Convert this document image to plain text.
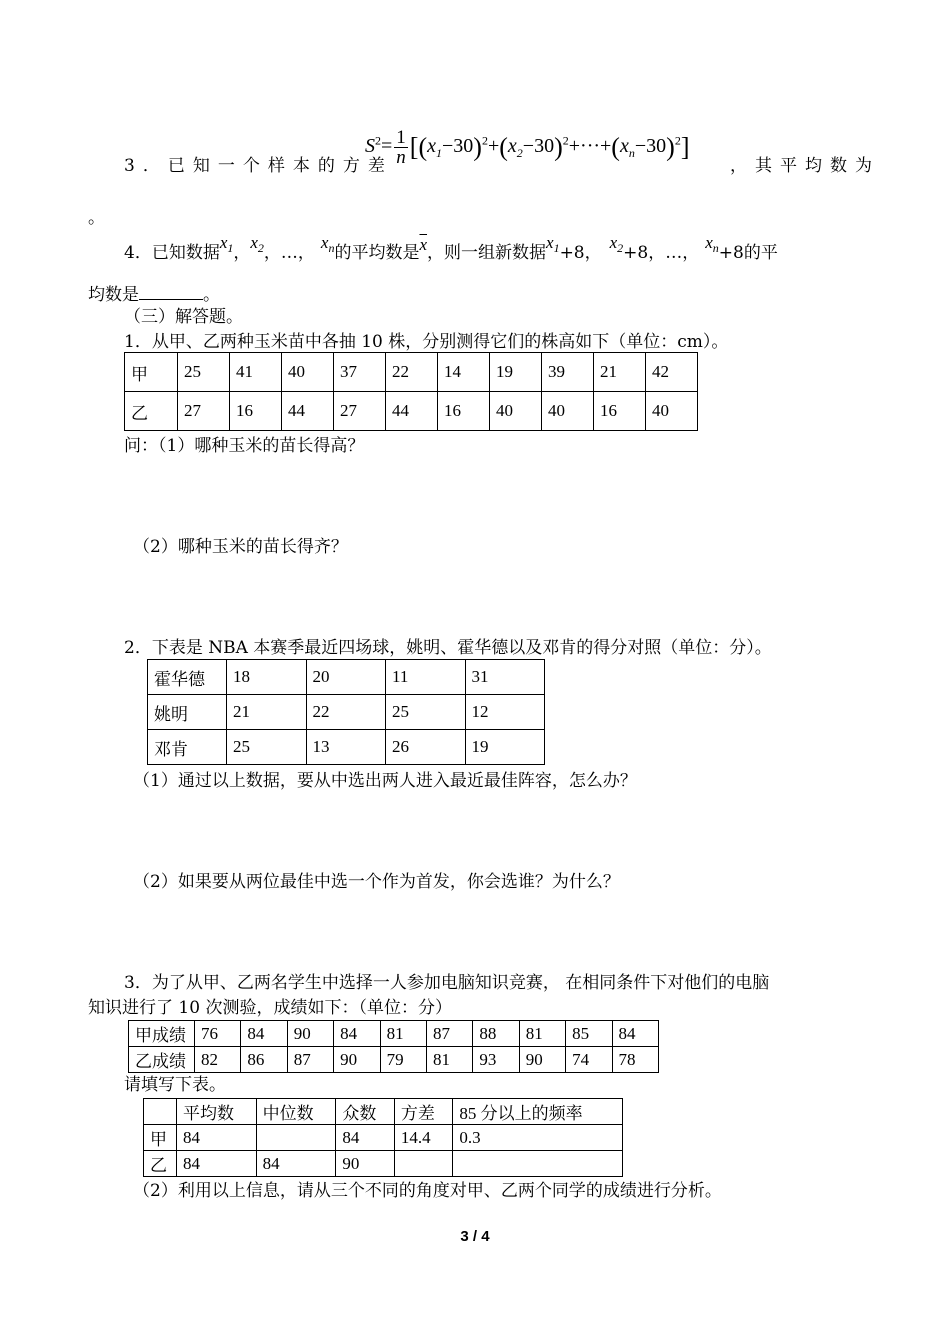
3．已知一个样本的方差
$S^2= \frac{1}{n} [(x_1-30)^2+(x_2-30)^2+\cdot\cdot\cdot+(x_n-30)^2]$
，其平均数为
。
4．已知数据$x^1$，$x^2$，…，$x^n$的平均数是$\overline{x}$，则一组新数据$x^1+8$，$x^2+8$，…，$x^n+8$的平
均数是	。
（三）解答题。
1．从甲、乙两种玉米苗中各抽 10 株，分别测得它们的株高如下（单位：cm）。
甲	25	41	40	37	22	14	19	39	21	42
乙	27	16	44	27	44	16	40	40	16	40
问：（1）哪种玉米的苗长得高？
（2）哪种玉米的苗长得齐？
2．下表是 NBA 本赛季最近四场球，姚明、霍华德以及邓肯的得分对照（单位：分）。
霍华德	18	20	11	31
姚明	21	22	25	12
邓肯	25	13	26	19
（1）通过以上数据，要从中选出两人进入最近最佳阵容，怎么办？
（2）如果要从两位最佳中选一个作为首发，你会选谁？为什么？
3．为了从甲、乙两名学生中选择一人参加电脑知识竞赛， 在相同条件下对他们的电脑
知识进行了 10 次测验，成绩如下：（单位：分）
甲成绩	76	84	90	84	81	87	88	81	85	84
乙成绩	82	86	87	90	79	81	93	90	74	78
请填写下表。
	平均数	中位数	众数	方差	85 分以上的频率
甲	84		84	14.4	0.3
乙	84	84	90		
（2）利用以上信息，请从三个不同的角度对甲、乙两个同学的成绩进行分析。
3 / 4
